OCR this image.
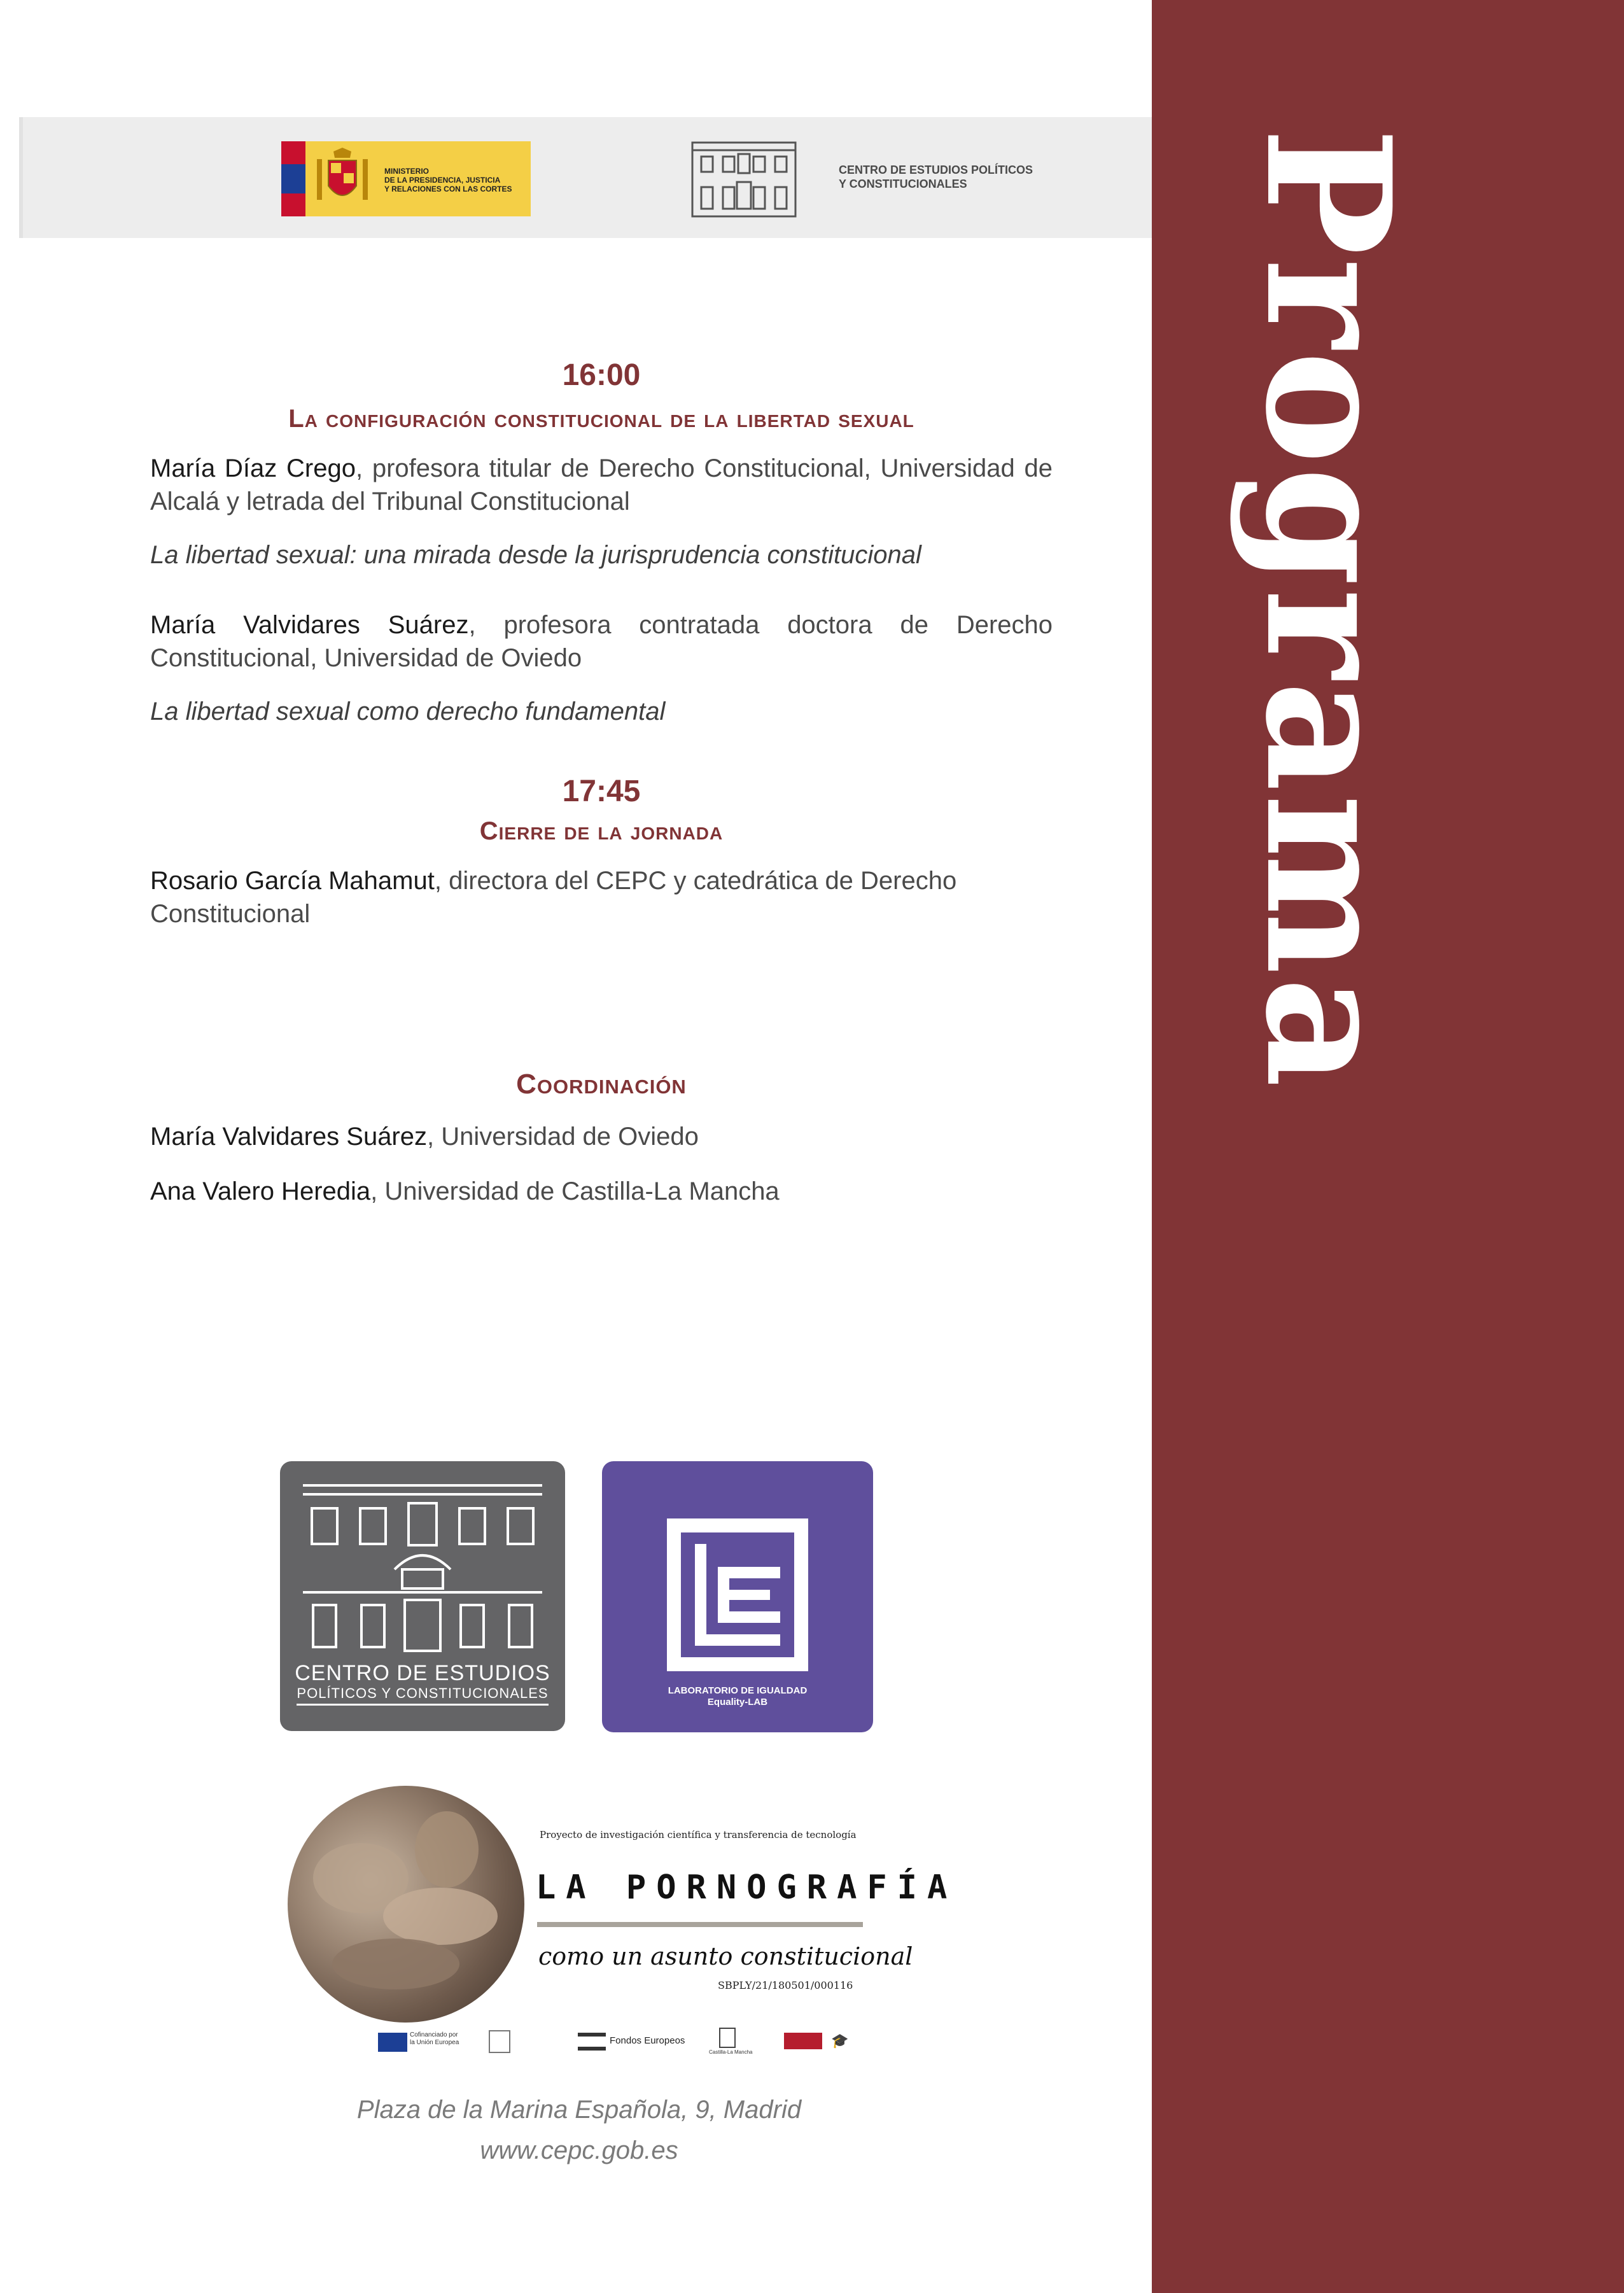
Programa
MINISTERIO
DE LA PRESIDENCIA, JUSTICIA
Y RELACIONES CON LAS CORTES
CENTRO DE ESTUDIOS POLÍTICOS
Y CONSTITUCIONALES
16:00
La configuración constitucional de la libertad sexual

María Díaz Crego, profesora titular de Derecho Constitucional, Universidad de Alcalá y letrada del Tribunal Constitucional

La libertad sexual: una mirada desde la jurisprudencia constitucional

María Valvidares Suárez, profesora contratada doctora de Derecho Constitucional, Universidad de Oviedo

La libertad sexual como derecho fundamental

17:45
Cierre de la jornada

Rosario García Mahamut, directora del CEPC y catedrática de Derecho Constitucional

Coordinación

María Valvidares Suárez, Universidad de Oviedo

Ana Valero Heredia, Universidad de Castilla-La Mancha

CENTRO DE ESTUDIOS
POLÍTICOS Y CONSTITUCIONALES	LABORATORIO DE IGUALDAD
Equality-LAB
Proyecto de investigación científica y transferencia de tecnología
LA PORNOGRAFÍA
como un asunto constitucional
SBPLY/21/180501/000116
Cofinanciado por
la Unión Europea	Fondos Europeos
Castilla-La Mancha
🎓
Plaza de la Marina Española, 9, Madrid
www.cepc.gob.es
